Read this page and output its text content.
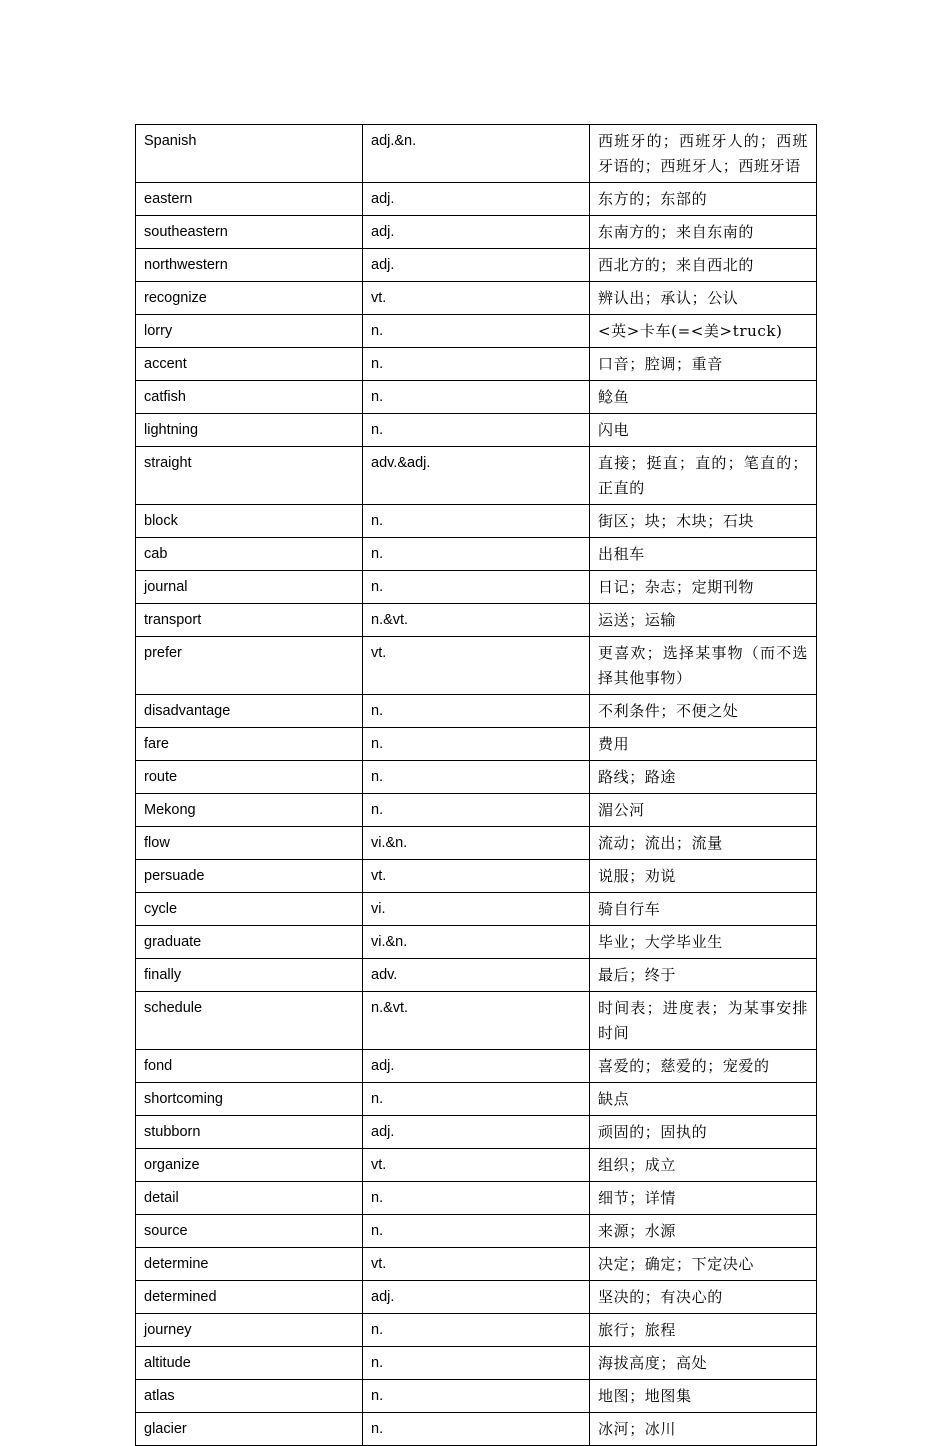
Spanish	adj.&n.	西班牙的；西班牙人的；西班牙语的；西班牙人；西班牙语
eastern	adj.	东方的；东部的
southeastern	adj.	东南方的；来自东南的
northwestern	adj.	西北方的；来自西北的
recognize	vt.	辨认出；承认；公认
lorry	n.	<英>卡车(=<美>truck)
accent	n.	口音；腔调；重音
catfish	n.	鲶鱼
lightning	n.	闪电
straight	adv.&adj.	直接；挺直；直的；笔直的；正直的
block	n.	街区；块；木块；石块
cab	n.	出租车
journal	n.	日记；杂志；定期刊物
transport	n.&vt.	运送；运输
prefer	vt.	更喜欢；选择某事物（而不选择其他事物）
disadvantage	n.	不利条件；不便之处
fare	n.	费用
route	n.	路线；路途
Mekong	n.	湄公河
flow	vi.&n.	流动；流出；流量
persuade	vt.	说服；劝说
cycle	vi.	骑自行车
graduate	vi.&n.	毕业；大学毕业生
finally	adv.	最后；终于
schedule	n.&vt.	时间表；进度表；为某事安排时间
fond	adj.	喜爱的；慈爱的；宠爱的
shortcoming	n.	缺点
stubborn	adj.	顽固的；固执的
organize	vt.	组织；成立
detail	n.	细节；详情
source	n.	来源；水源
determine	vt.	决定；确定；下定决心
determined	adj.	坚决的；有决心的
journey	n.	旅行；旅程
altitude	n.	海拔高度；高处
atlas	n.	地图；地图集
glacier	n.	冰河；冰川
